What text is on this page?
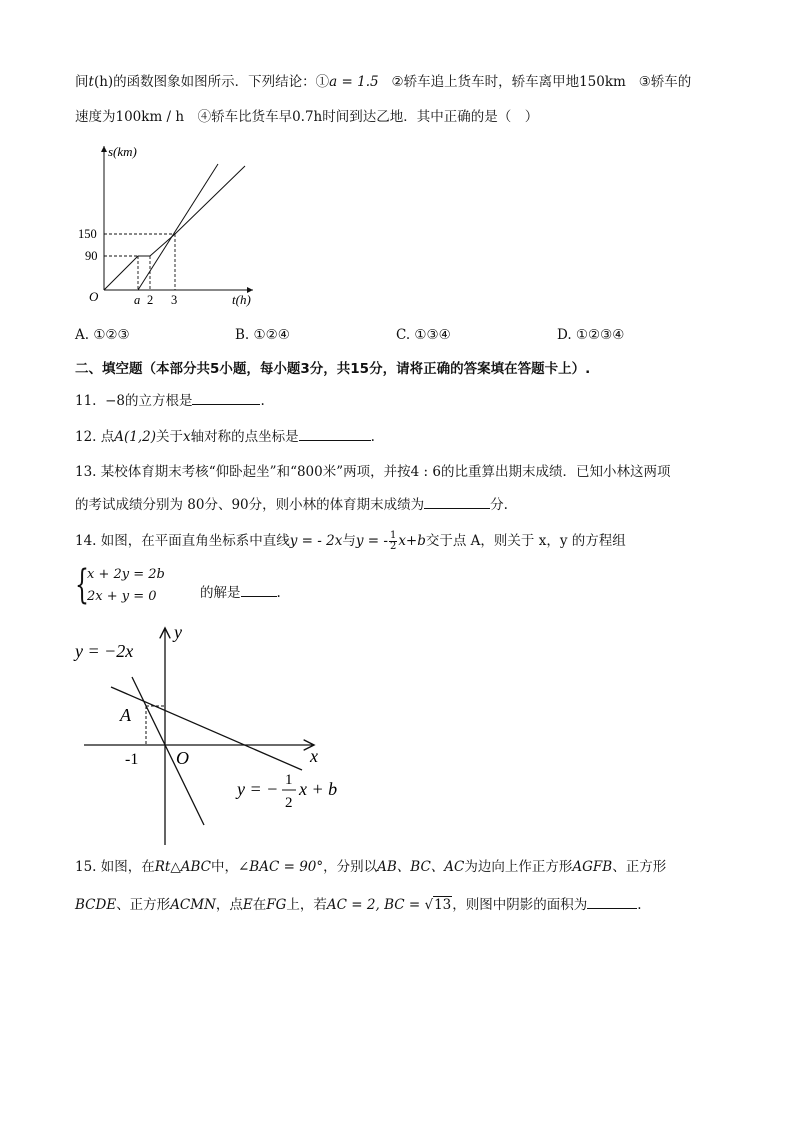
间t(h)的函数图象如图所示．下列结论：①a = 1.5 ②轿车追上货车时，轿车离甲地150km ③轿车的
速度为100km / h　④轿车比货车早0.7h时间到达乙地．其中正确的是（　）
s(km)
t(h)
O
150
90
a 2 3
A. ①②③	B. ①②④	C. ①③④	D. ①②③④
二、填空题（本部分共5小题，每小题3分，共15分，请将正确的答案填在答题卡上）.
11. −8的立方根是	.
12. 点A(1,2)关于x轴对称的点坐标是	.
13. 某校体育期末考核“仰卧起坐”和“800米”两项，并按4 : 6的比重算出期末成绩．已知小林这两项
的考试成绩分别为 80分、90分，则小林的体育期末成绩为	分.
14. 如图，在平面直角坐标系中直线y = - 2x与y = - $\frac{1}{2} x+b$交于点 A，则关于 x，y 的方程组
{
x + 2y = 2b
2x + y = 0	的解是	.
y = −2x
y
x
A
-1 O
y = − 1
2
x + b
15. 如图，在Rt△ABC中，∠BAC = 90°，分别以AB、BC、AC为边向上作正方形AGFB、正方形
BCDE、正方形ACMN，点E在FG上，若AC = 2, BC = √13，则图中阴影的面积为	.
